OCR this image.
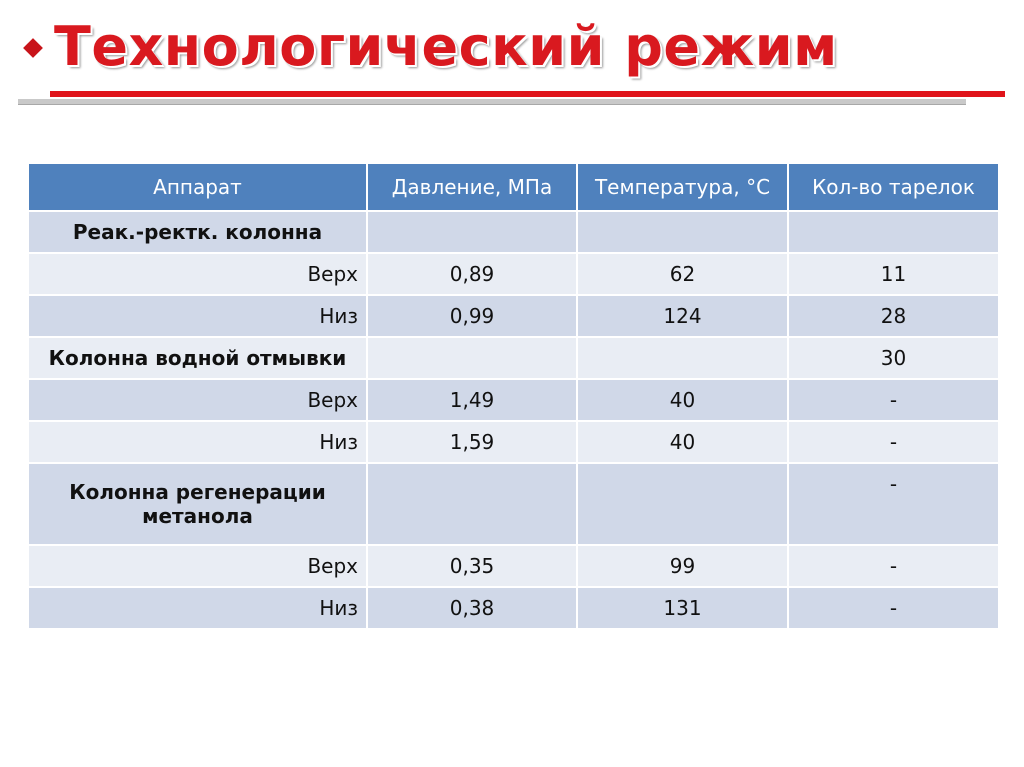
Технологический режим
Аппарат	Давление, МПа	Температура, °С	Кол-во тарелок
Реак.-ректк. колонна			
Верх	0,89	62	11
Низ	0,99	124	28
Колонна водной отмывки			30
Верх	1,49	40	-
Низ	1,59	40	-
Колонна регенерации метанола			-
Верх	0,35	99	-
Низ	0,38	131	-
